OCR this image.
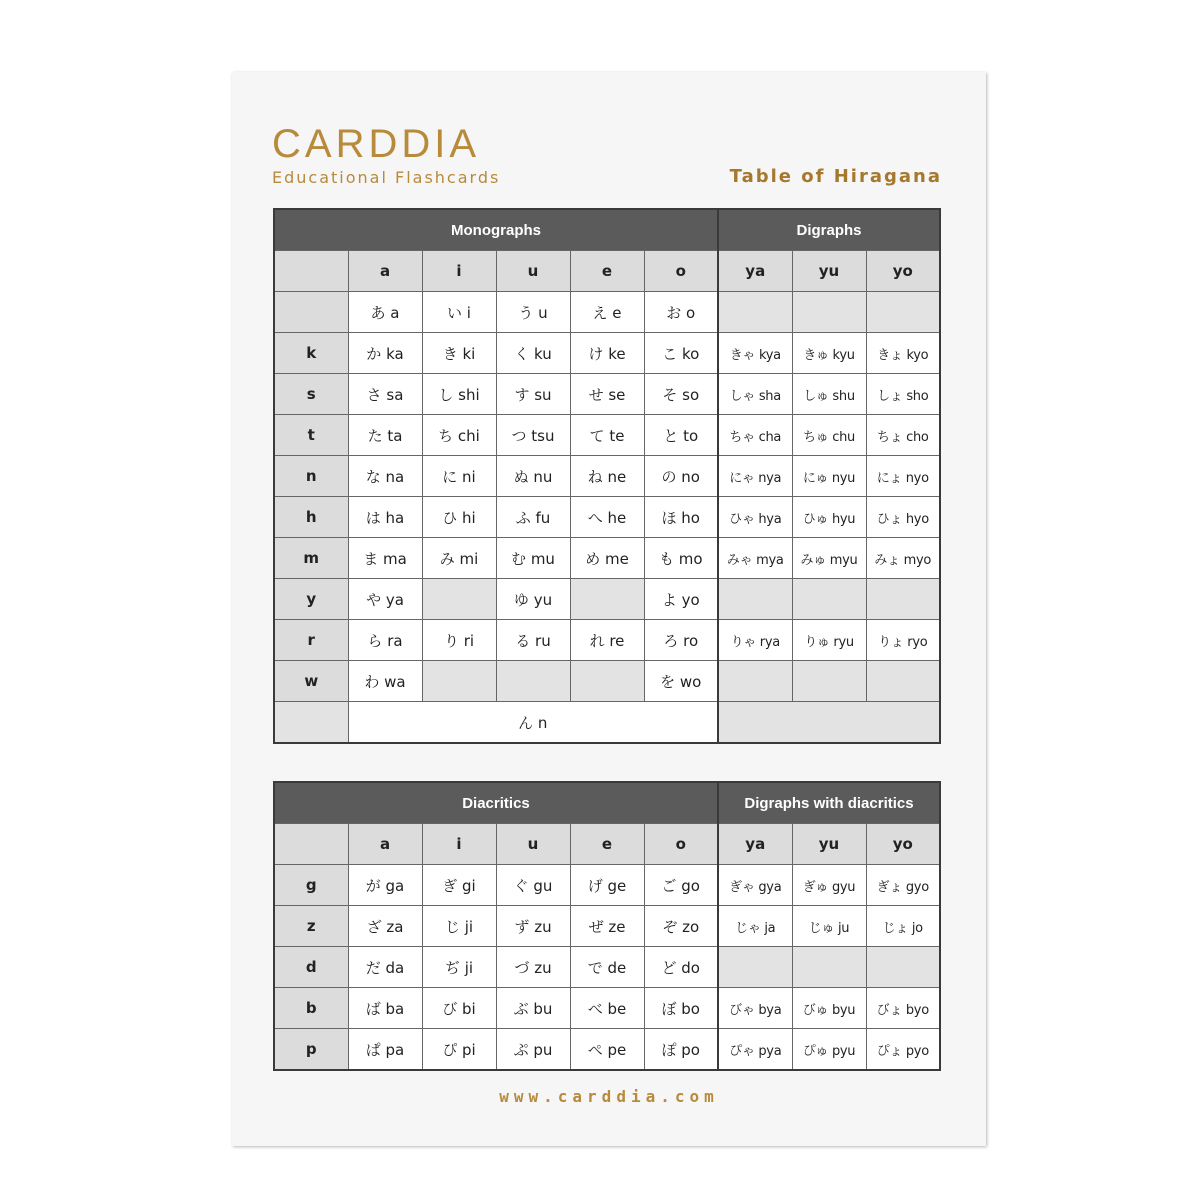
CARDDIA
Educational Flashcards	Table of Hiragana
Monographs						Digraphs		
	a	i	u	e	o	ya	yu	yo
	あ a	い i	う u	え e	お o			
k	か ka	き ki	く ku	け ke	こ ko	きゃ kya	きゅ kyu	きょ kyo
s	さ sa	し shi	す su	せ se	そ so	しゃ sha	しゅ shu	しょ sho
t	た ta	ち chi	つ tsu	て te	と to	ちゃ cha	ちゅ chu	ちょ cho
n	な na	に ni	ぬ nu	ね ne	の no	にゃ nya	にゅ nyu	にょ nyo
h	は ha	ひ hi	ふ fu	へ he	ほ ho	ひゃ hya	ひゅ hyu	ひょ hyo
m	ま ma	み mi	む mu	め me	も mo	みゃ mya	みゅ myu	みょ myo
y	や ya		ゆ yu		よ yo			
r	ら ra	り ri	る ru	れ re	ろ ro	りゃ rya	りゅ ryu	りょ ryo
w	わ wa				を wo			
	ん n							
Diacritics						Digraphs with diacritics		
	a	i	u	e	o	ya	yu	yo
g	が ga	ぎ gi	ぐ gu	げ ge	ご go	ぎゃ gya	ぎゅ gyu	ぎょ gyo
z	ざ za	じ ji	ず zu	ぜ ze	ぞ zo	じゃ ja	じゅ ju	じょ jo
d	だ da	ぢ ji	づ zu	で de	ど do			
b	ば ba	び bi	ぶ bu	べ be	ぼ bo	びゃ bya	びゅ byu	びょ byo
p	ぱ pa	ぴ pi	ぷ pu	ぺ pe	ぽ po	ぴゃ pya	ぴゅ pyu	ぴょ pyo
www.carddia.com
